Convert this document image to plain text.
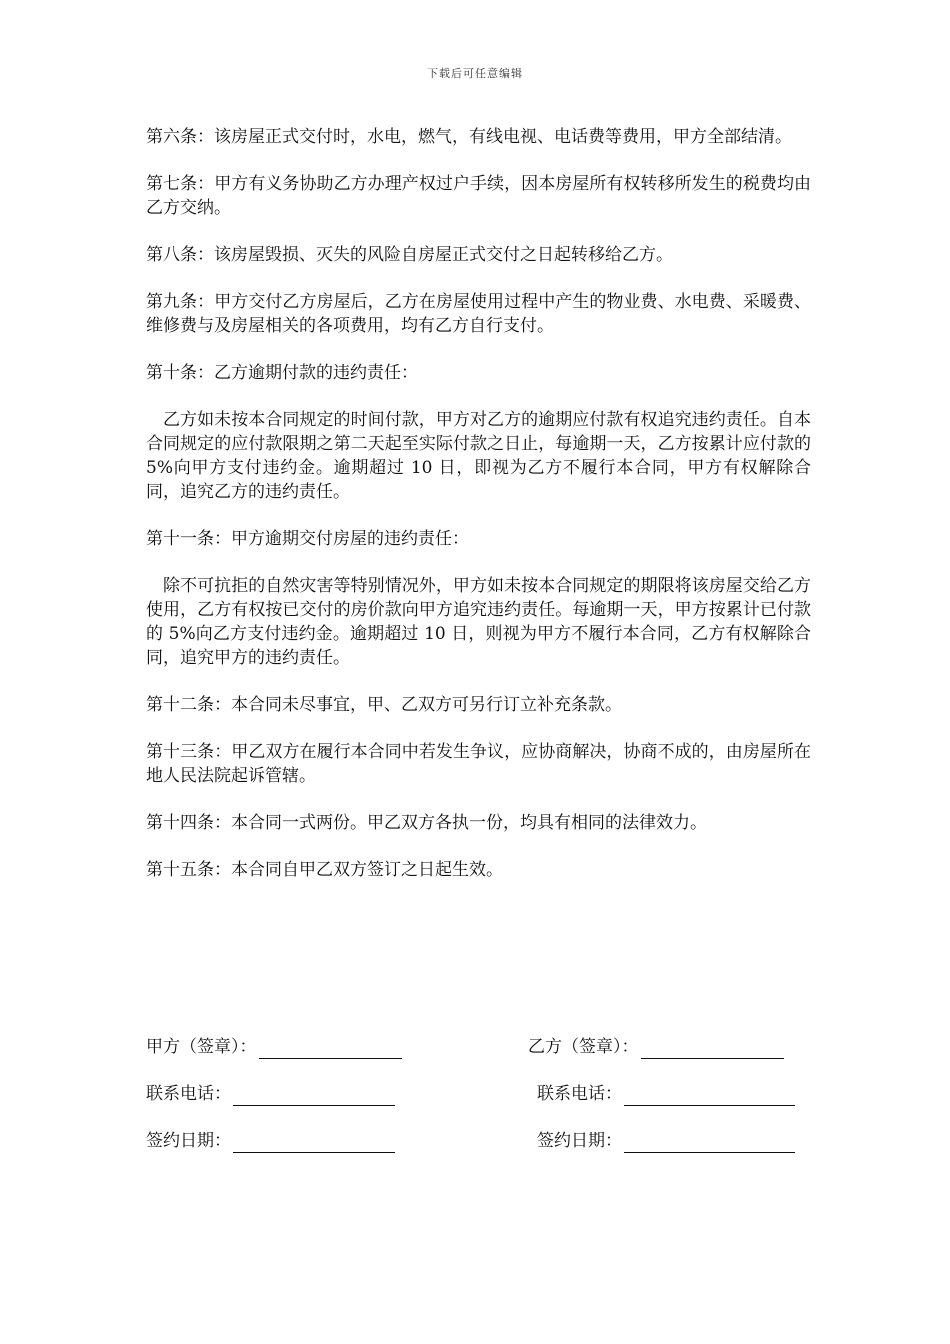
下载后可任意编辑

第六条：该房屋正式交付时，水电，燃气，有线电视、电话费等费用，甲方全部结清。

第七条：甲方有义务协助乙方办理产权过户手续，因本房屋所有权转移所发生的税费均由乙方交纳。

第八条：该房屋毁损、灭失的风险自房屋正式交付之日起转移给乙方。

第九条：甲方交付乙方房屋后，乙方在房屋使用过程中产生的物业费、水电费、采暖费、维修费与及房屋相关的各项费用，均有乙方自行支付。

第十条：乙方逾期付款的违约责任：

乙方如未按本合同规定的时间付款，甲方对乙方的逾期应付款有权追究违约责任。自本合同规定的应付款限期之第二天起至实际付款之日止，每逾期一天，乙方按累计应付款的 5%向甲方支付违约金。逾期超过 10 日，即视为乙方不履行本合同，甲方有权解除合同，追究乙方的违约责任。

第十一条：甲方逾期交付房屋的违约责任：

除不可抗拒的自然灾害等特别情况外，甲方如未按本合同规定的期限将该房屋交给乙方使用，乙方有权按已交付的房价款向甲方追究违约责任。每逾期一天，甲方按累计已付款的 5%向乙方支付违约金。逾期超过 10 日，则视为甲方不履行本合同，乙方有权解除合同，追究甲方的违约责任。

第十二条：本合同未尽事宜，甲、乙双方可另行订立补充条款。

第十三条：甲乙双方在履行本合同中若发生争议，应协商解决，协商不成的，由房屋所在地人民法院起诉管辖。

第十四条：本合同一式两份。甲乙双方各执一份，均具有相同的法律效力。

第十五条：本合同自甲乙双方签订之日起生效。

甲方（签章）：	乙方（签章）：
联系电话：	联系电话：
签约日期：	签约日期：
